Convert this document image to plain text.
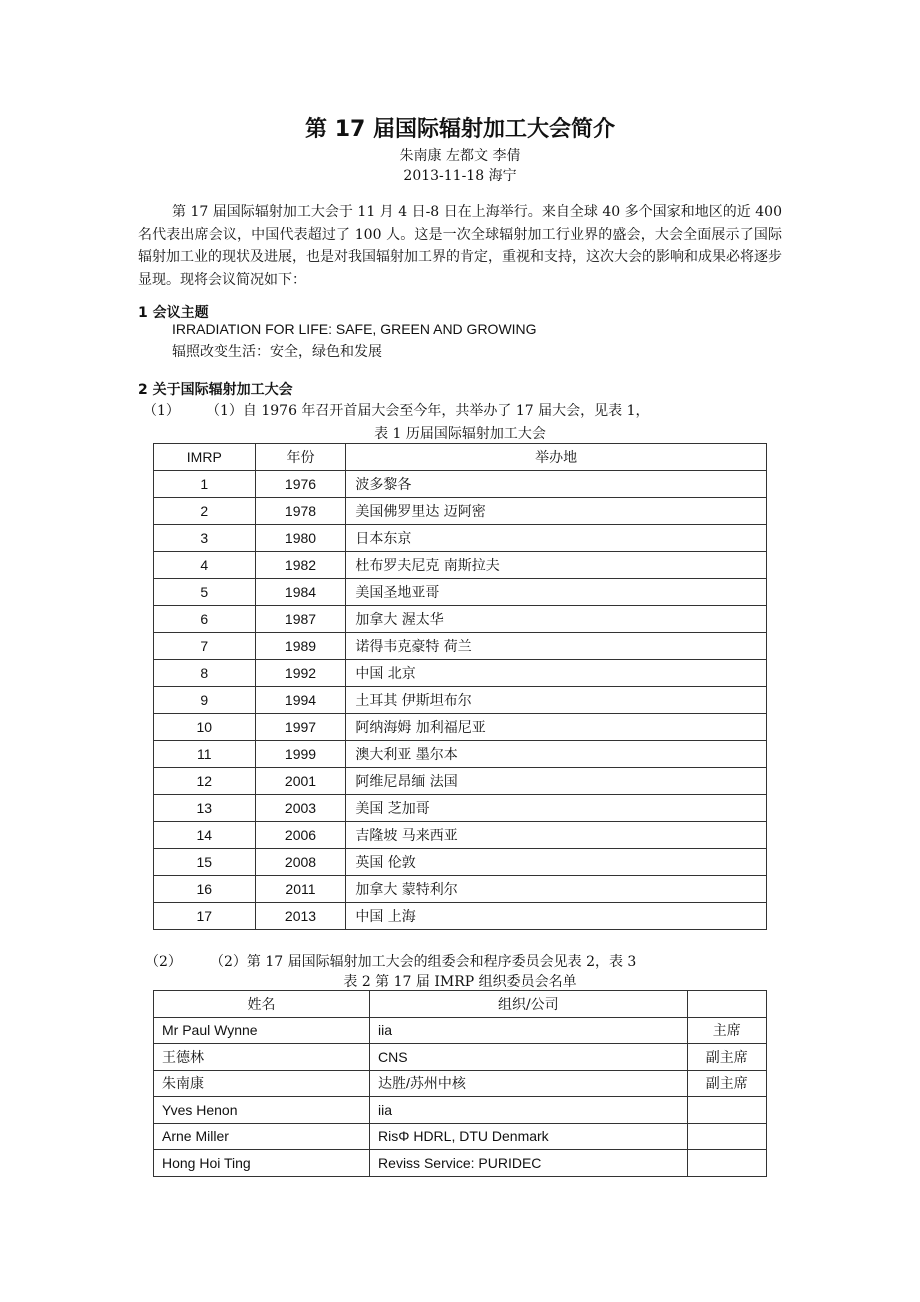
第 17 届国际辐射加工大会简介
朱南康 左都文 李倩
2013-11-18 海宁
第 17 届国际辐射加工大会于 11 月 4 日-8 日在上海举行。来自全球 40 多个国家和地区的近 400 名代表出席会议，中国代表超过了 100 人。这是一次全球辐射加工行业界的盛会，大会全面展示了国际辐射加工业的现状及进展，也是对我国辐射加工界的肯定，重视和支持，这次大会的影响和成果必将逐步显现。现将会议简况如下：
1 会议主题
IRRADIATION FOR LIFE: SAFE, GREEN AND GROWING
辐照改变生活：安全，绿色和发展
2 关于国际辐射加工大会
（1） （1）自 1976 年召开首届大会至今年，共举办了 17 届大会，见表 1，
表 1 历届国际辐射加工大会
IMRP	年份	举办地
1	1976	波多黎各
2	1978	美国佛罗里达 迈阿密
3	1980	日本东京
4	1982	杜布罗夫尼克 南斯拉夫
5	1984	美国圣地亚哥
6	1987	加拿大 渥太华
7	1989	诺得韦克豪特 荷兰
8	1992	中国 北京
9	1994	土耳其 伊斯坦布尔
10	1997	阿纳海姆 加利福尼亚
11	1999	澳大利亚 墨尔本
12	2001	阿维尼昂缅 法国
13	2003	美国 芝加哥
14	2006	吉隆坡 马来西亚
15	2008	英国 伦敦
16	2011	加拿大 蒙特利尔
17	2013	中国 上海
（2） （2）第 17 届国际辐射加工大会的组委会和程序委员会见表 2，表 3
表 2 第 17 届 IMRP 组织委员会名单
姓名	组织/公司	
Mr Paul Wynne	iia	主席
王德林	CNS	副主席
朱南康	达胜/苏州中核	副主席
Yves Henon	iia	
Arne Miller	RisΦ HDRL, DTU Denmark	
Hong Hoi Ting	Reviss Service: PURIDEC	
